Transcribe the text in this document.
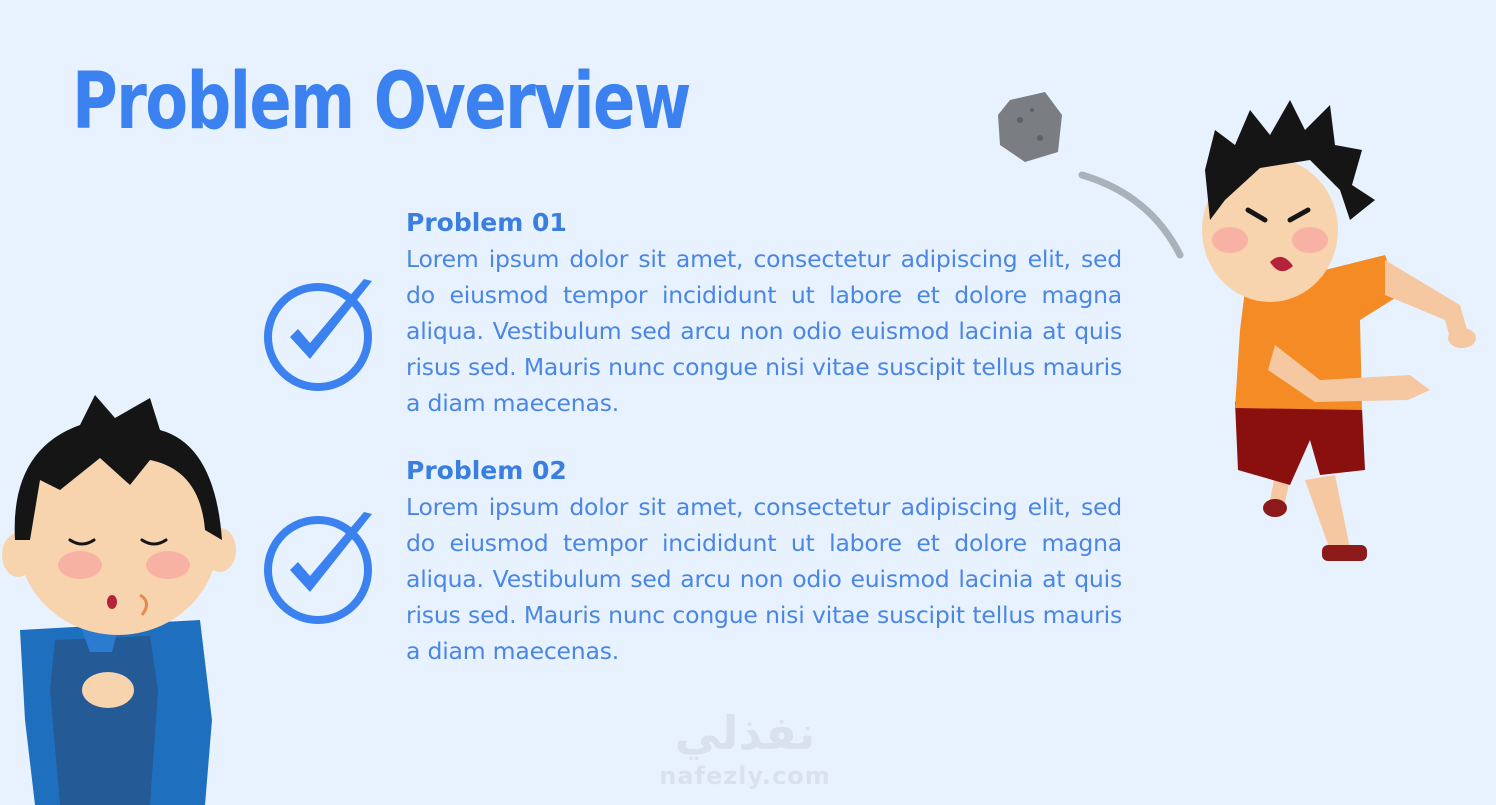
Problem Overview
Problem 01

Lorem ipsum dolor sit amet, consectetur adipiscing elit, sed do eiusmod tempor incididunt ut labore et dolore magna aliqua. Vestibulum sed arcu non odio euismod lacinia at quis risus sed. Mauris nunc congue nisi vitae suscipit tellus mauris a diam maecenas.

Problem 02

Lorem ipsum dolor sit amet, consectetur adipiscing elit, sed do eiusmod tempor incididunt ut labore et dolore magna aliqua. Vestibulum sed arcu non odio euismod lacinia at quis risus sed. Mauris nunc congue nisi vitae suscipit tellus mauris a diam maecenas.

نفذلي
nafezly.com
